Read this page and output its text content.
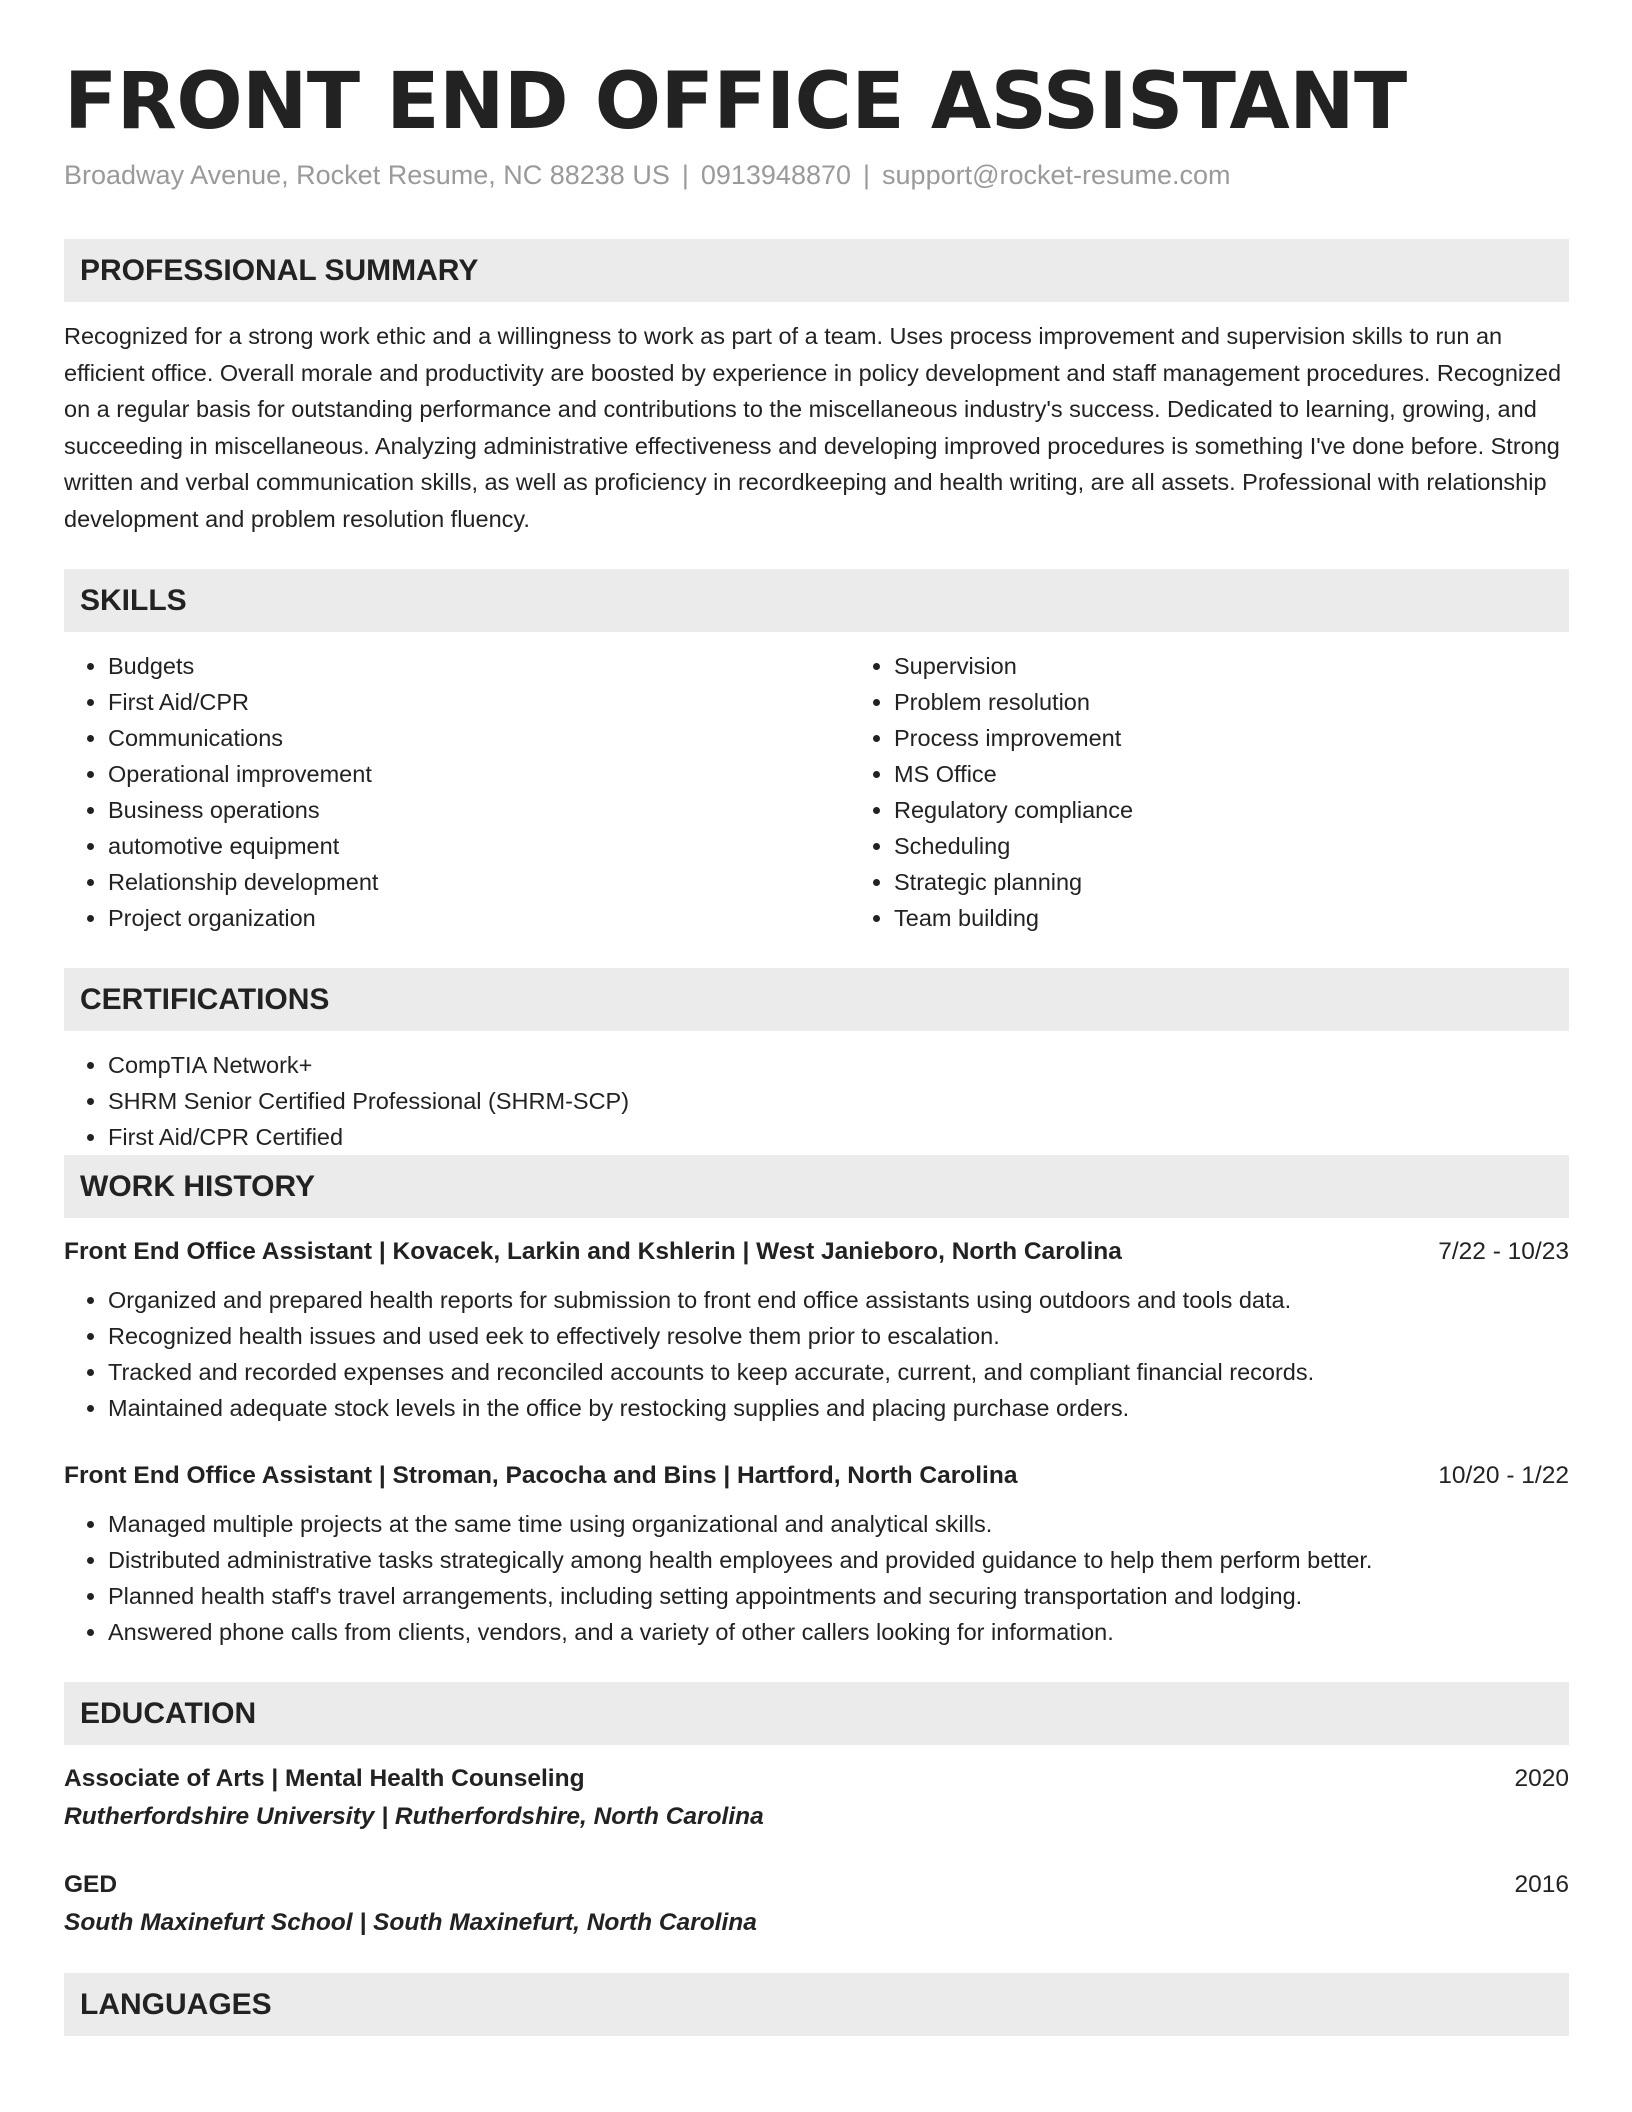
FRONT END OFFICE ASSISTANT
Broadway Avenue, Rocket Resume, NC 88238 US | 0913948870 | support@rocket-resume.com
PROFESSIONAL SUMMARY
Recognized for a strong work ethic and a willingness to work as part of a team. Uses process improvement and supervision skills to run an efficient office. Overall morale and productivity are boosted by experience in policy development and staff management procedures. Recognized on a regular basis for outstanding performance and contributions to the miscellaneous industry's success. Dedicated to learning, growing, and succeeding in miscellaneous. Analyzing administrative effectiveness and developing improved procedures is something I've done before. Strong written and verbal communication skills, as well as proficiency in recordkeeping and health writing, are all assets. Professional with relationship development and problem resolution fluency.
SKILLS
• Budgets
• First Aid/CPR
• Communications
• Operational improvement
• Business operations
• automotive equipment
• Relationship development
• Project organization
• Supervision
• Problem resolution
• Process improvement
• MS Office
• Regulatory compliance
• Scheduling
• Strategic planning
• Team building
CERTIFICATIONS
• CompTIA Network+
• SHRM Senior Certified Professional (SHRM-SCP)
• First Aid/CPR Certified
WORK HISTORY
Front End Office Assistant | Kovacek, Larkin and Kshlerin | West Janieboro, North Carolina	7/22 - 10/23
• Organized and prepared health reports for submission to front end office assistants using outdoors and tools data.
• Recognized health issues and used eek to effectively resolve them prior to escalation.
• Tracked and recorded expenses and reconciled accounts to keep accurate, current, and compliant financial records.
• Maintained adequate stock levels in the office by restocking supplies and placing purchase orders.
Front End Office Assistant | Stroman, Pacocha and Bins | Hartford, North Carolina	10/20 - 1/22
• Managed multiple projects at the same time using organizational and analytical skills.
• Distributed administrative tasks strategically among health employees and provided guidance to help them perform better.
• Planned health staff's travel arrangements, including setting appointments and securing transportation and lodging.
• Answered phone calls from clients, vendors, and a variety of other callers looking for information.
EDUCATION
Associate of Arts | Mental Health Counseling	2020
Rutherfordshire University | Rutherfordshire, North Carolina
GED	2016
South Maxinefurt School | South Maxinefurt, North Carolina
LANGUAGES
